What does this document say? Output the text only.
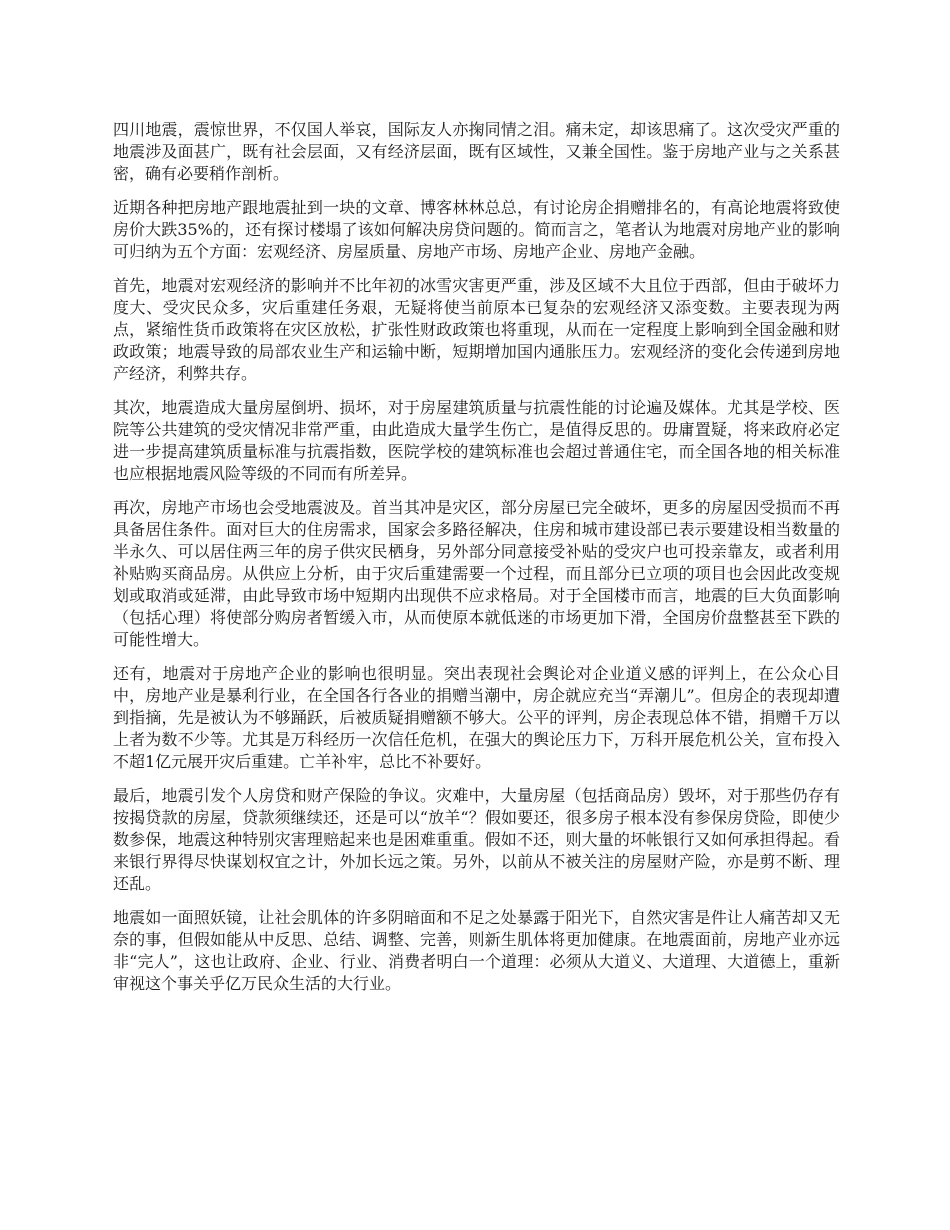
四川地震，震惊世界，不仅国人举哀，国际友人亦掬同情之泪。痛未定，却该思痛了。这次受灾严重的地震涉及面甚广，既有社会层面，又有经济层面，既有区域性，又兼全国性。鉴于房地产业与之关系甚密，确有必要稍作剖析。

近期各种把房地产跟地震扯到一块的文章、博客林林总总，有讨论房企捐赠排名的，有高论地震将致使房价大跌35%的，还有探讨楼塌了该如何解决房贷问题的。简而言之，笔者认为地震对房地产业的影响可归纳为五个方面：宏观经济、房屋质量、房地产市场、房地产企业、房地产金融。

首先，地震对宏观经济的影响并不比年初的冰雪灾害更严重，涉及区域不大且位于西部，但由于破坏力度大、受灾民众多，灾后重建任务艰，无疑将使当前原本已复杂的宏观经济又添变数。主要表现为两点，紧缩性货币政策将在灾区放松，扩张性财政政策也将重现，从而在一定程度上影响到全国金融和财政政策；地震导致的局部农业生产和运输中断，短期增加国内通胀压力。宏观经济的变化会传递到房地产经济，利弊共存。

其次，地震造成大量房屋倒坍、损坏，对于房屋建筑质量与抗震性能的讨论遍及媒体。尤其是学校、医院等公共建筑的受灾情况非常严重，由此造成大量学生伤亡，是值得反思的。毋庸置疑，将来政府必定进一步提高建筑质量标准与抗震指数，医院学校的建筑标准也会超过普通住宅，而全国各地的相关标准也应根据地震风险等级的不同而有所差异。

再次，房地产市场也会受地震波及。首当其冲是灾区，部分房屋已完全破坏，更多的房屋因受损而不再具备居住条件。面对巨大的住房需求，国家会多路径解决，住房和城市建设部已表示要建设相当数量的半永久、可以居住两三年的房子供灾民栖身，另外部分同意接受补贴的受灾户也可投亲靠友，或者利用补贴购买商品房。从供应上分析，由于灾后重建需要一个过程，而且部分已立项的项目也会因此改变规划或取消或延滞，由此导致市场中短期内出现供不应求格局。对于全国楼市而言，地震的巨大负面影响（包括心理）将使部分购房者暂缓入市，从而使原本就低迷的市场更加下滑，全国房价盘整甚至下跌的可能性增大。

还有，地震对于房地产企业的影响也很明显。突出表现社会舆论对企业道义感的评判上，在公众心目中，房地产业是暴利行业，在全国各行各业的捐赠当潮中，房企就应充当“弄潮儿”。但房企的表现却遭到指摘，先是被认为不够踊跃，后被质疑捐赠额不够大。公平的评判，房企表现总体不错，捐赠千万以上者为数不少等。尤其是万科经历一次信任危机，在强大的舆论压力下，万科开展危机公关，宣布投入不超1亿元展开灾后重建。亡羊补牢，总比不补要好。

最后，地震引发个人房贷和财产保险的争议。灾难中，大量房屋（包括商品房）毁坏，对于那些仍存有按揭贷款的房屋，贷款须继续还，还是可以“放羊“？假如要还，很多房子根本没有参保房贷险，即使少数参保，地震这种特别灾害理赔起来也是困难重重。假如不还，则大量的坏帐银行又如何承担得起。看来银行界得尽快谋划权宜之计，外加长远之策。另外，以前从不被关注的房屋财产险，亦是剪不断、理还乱。

地震如一面照妖镜，让社会肌体的许多阴暗面和不足之处暴露于阳光下，自然灾害是件让人痛苦却又无奈的事，但假如能从中反思、总结、调整、完善，则新生肌体将更加健康。在地震面前，房地产业亦远非“完人”，这也让政府、企业、行业、消费者明白一个道理：必须从大道义、大道理、大道德上，重新审视这个事关乎亿万民众生活的大行业。
